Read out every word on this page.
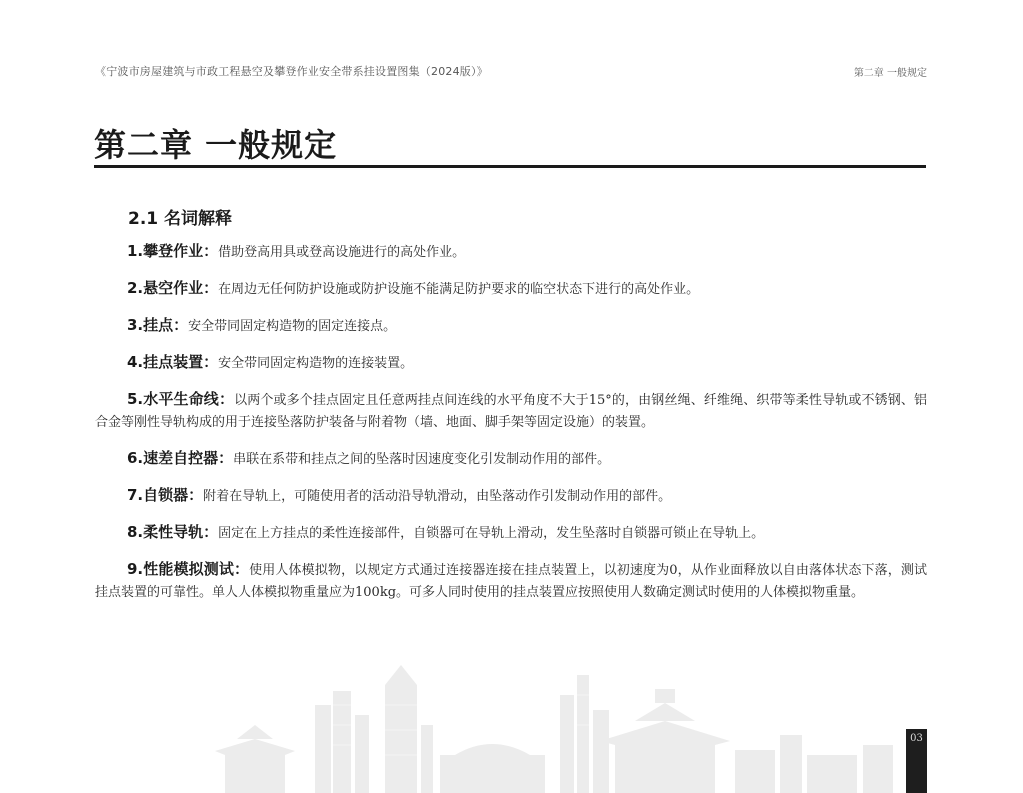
《宁波市房屋建筑与市政工程悬空及攀登作业安全带系挂设置图集（2024版）》	第二章 一般规定
第二章 一般规定
2.1 名词解释

1.攀登作业：借助登高用具或登高设施进行的高处作业。

2.悬空作业：在周边无任何防护设施或防护设施不能满足防护要求的临空状态下进行的高处作业。

3.挂点：安全带同固定构造物的固定连接点。

4.挂点装置：安全带同固定构造物的连接装置。

5.水平生命线：以两个或多个挂点固定且任意两挂点间连线的水平角度不大于15°的，由钢丝绳、纤维绳、织带等柔性导轨或不锈钢、铝合金等刚性导轨构成的用于连接坠落防护装备与附着物（墙、地面、脚手架等固定设施）的装置。

6.速差自控器：串联在系带和挂点之间的坠落时因速度变化引发制动作用的部件。

7.自锁器：附着在导轨上，可随使用者的活动沿导轨滑动，由坠落动作引发制动作用的部件。

8.柔性导轨：固定在上方挂点的柔性连接部件，自锁器可在导轨上滑动，发生坠落时自锁器可锁止在导轨上。

9.性能模拟测试：使用人体模拟物，以规定方式通过连接器连接在挂点装置上，以初速度为0，从作业面释放以自由落体状态下落，测试挂点装置的可靠性。单人人体模拟物重量应为100kg。可多人同时使用的挂点装置应按照使用人数确定测试时使用的人体模拟物重量。

03
